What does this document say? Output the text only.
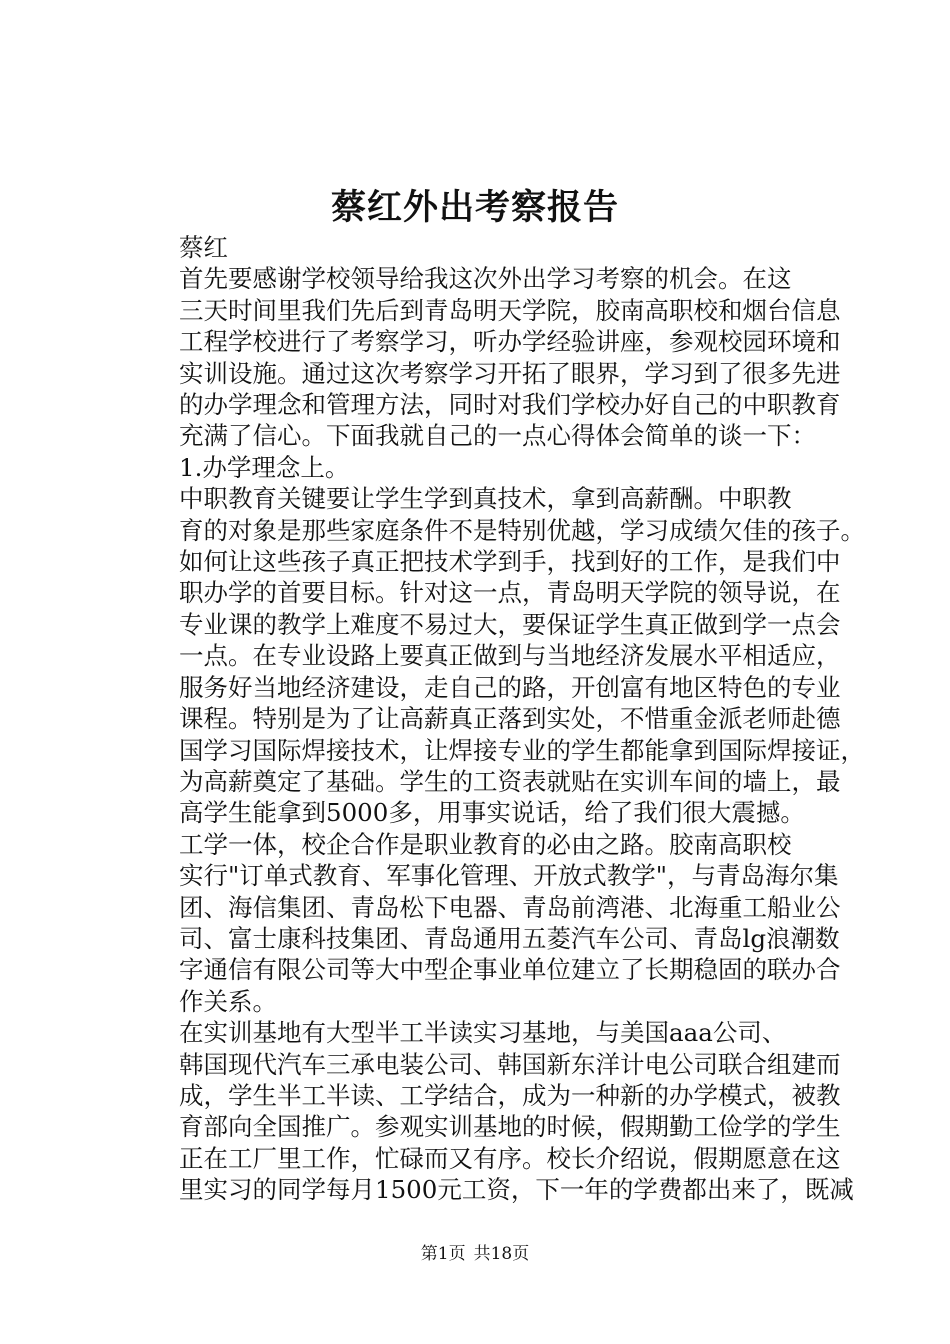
蔡红外出考察报告

蔡红

首先要感谢学校领导给我这次外出学习考察的机会。在这
三天时间里我们先后到青岛明天学院，胶南高职校和烟台信息
工程学校进行了考察学习，听办学经验讲座，参观校园环境和
实训设施。通过这次考察学习开拓了眼界，学习到了很多先进
的办学理念和管理方法，同时对我们学校办好自己的中职教育
充满了信心。下面我就自己的一点心得体会简单的谈一下：

1.办学理念上。

中职教育关键要让学生学到真技术，拿到高薪酬。中职教
育的对象是那些家庭条件不是特别优越，学习成绩欠佳的孩子。
如何让这些孩子真正把技术学到手，找到好的工作，是我们中
职办学的首要目标。针对这一点，青岛明天学院的领导说，在
专业课的教学上难度不易过大，要保证学生真正做到学一点会
一点。在专业设路上要真正做到与当地经济发展水平相适应，
服务好当地经济建设，走自己的路，开创富有地区特色的专业
课程。特别是为了让高薪真正落到实处，不惜重金派老师赴德
国学习国际焊接技术，让焊接专业的学生都能拿到国际焊接证，
为高薪奠定了基础。学生的工资表就贴在实训车间的墙上，最
高学生能拿到5000多，用事实说话，给了我们很大震撼。

工学一体，校企合作是职业教育的必由之路。胶南高职校
实行"订单式教育、军事化管理、开放式教学"，与青岛海尔集
团、海信集团、青岛松下电器、青岛前湾港、北海重工船业公
司、富士康科技集团、青岛通用五菱汽车公司、青岛lg浪潮数
字通信有限公司等大中型企事业单位建立了长期稳固的联办合
作关系。

在实训基地有大型半工半读实习基地，与美国aaa公司、
韩国现代汽车三承电装公司、韩国新东洋计电公司联合组建而
成，学生半工半读、工学结合，成为一种新的办学模式，被教
育部向全国推广。参观实训基地的时候，假期勤工俭学的学生
正在工厂里工作，忙碌而又有序。校长介绍说，假期愿意在这
里实习的同学每月1500元工资，下一年的学费都出来了，既减

第1页 共18页
